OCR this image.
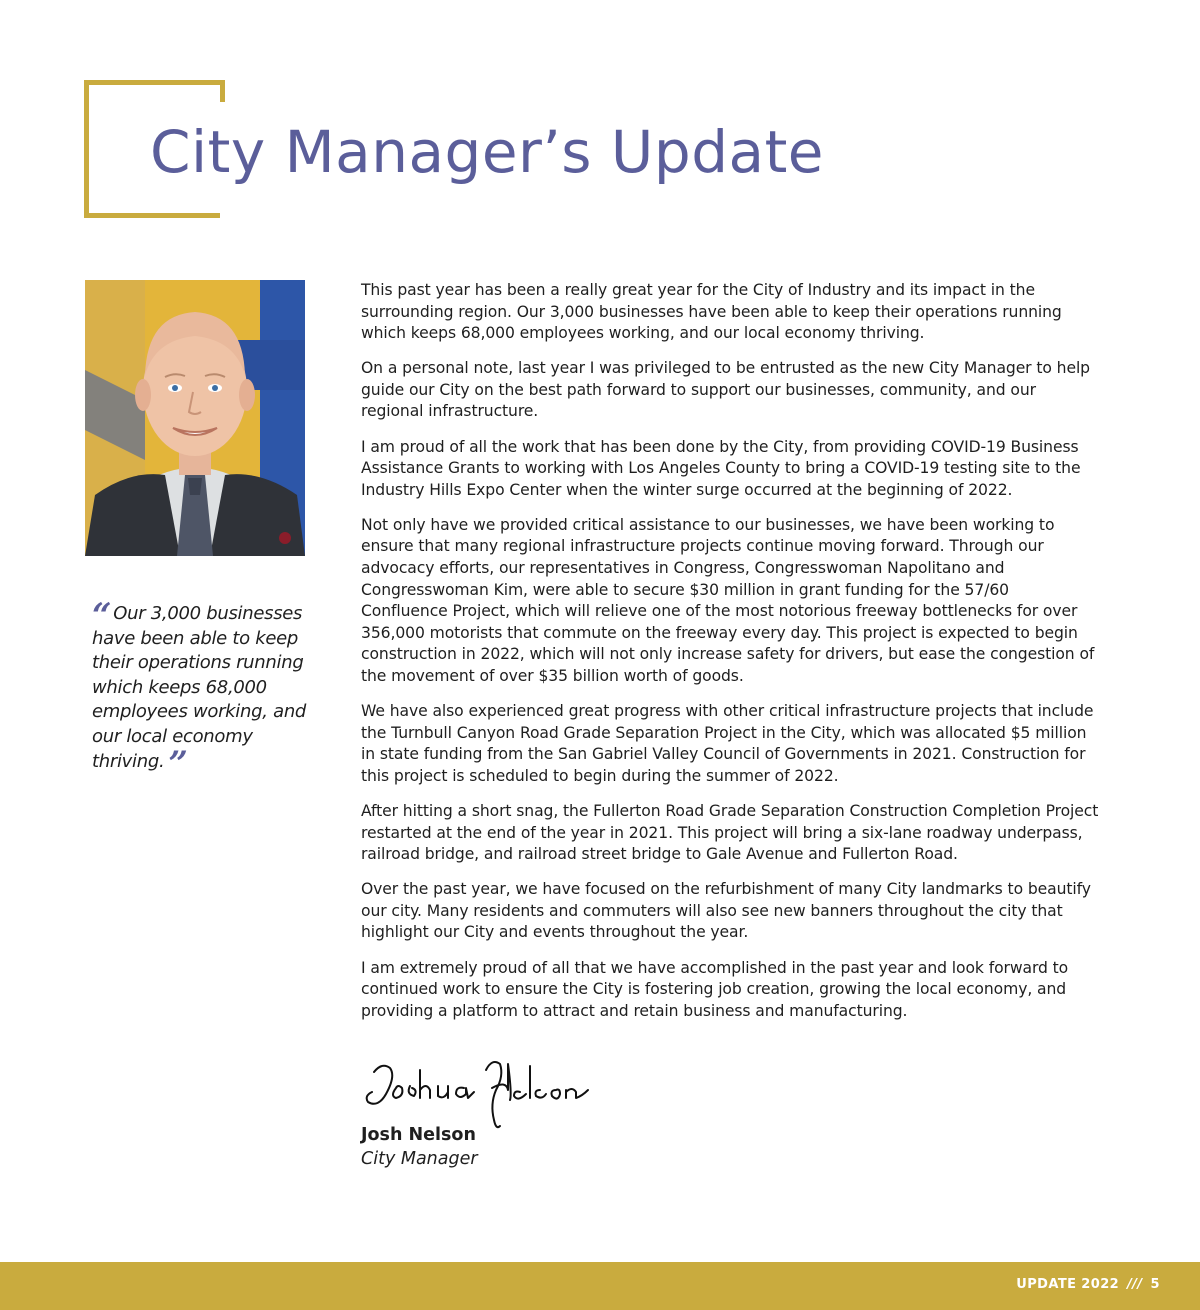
City Manager’s Update

“ Our 3,000 businesses have been able to keep their operations running which keeps 68,000 employees working, and our local economy thriving. ”

This past year has been a really great year for the City of Industry and its impact in the surrounding region. Our 3,000 businesses have been able to keep their operations running which keeps 68,000 employees working, and our local economy thriving.

On a personal note, last year I was privileged to be entrusted as the new City Manager to help guide our City on the best path forward to support our businesses, community, and our regional infrastructure.

I am proud of all the work that has been done by the City, from providing COVID-19 Business Assistance Grants to working with Los Angeles County to bring a COVID-19 testing site to the Industry Hills Expo Center when the winter surge occurred at the beginning of 2022.

Not only have we provided critical assistance to our businesses, we have been working to ensure that many regional infrastructure projects continue moving forward. Through our advocacy efforts, our representatives in Congress, Congresswoman Napolitano and Congresswoman Kim, were able to secure $30 million in grant funding for the 57/60 Confluence Project, which will relieve one of the most notorious freeway bottlenecks for over 356,000 motorists that commute on the freeway every day. This project is expected to begin construction in 2022, which will not only increase safety for drivers, but ease the congestion of the movement of over $35 billion worth of goods.

We have also experienced great progress with other critical infrastructure projects that include the Turnbull Canyon Road Grade Separation Project in the City, which was allocated $5 million in state funding from the San Gabriel Valley Council of Governments in 2021. Construction for this project is scheduled to begin during the summer of 2022.

After hitting a short snag, the Fullerton Road Grade Separation Construction Completion Project restarted at the end of the year in 2021. This project will bring a six-lane roadway underpass, railroad bridge, and railroad street bridge to Gale Avenue and Fullerton Road.

Over the past year, we have focused on the refurbishment of many City landmarks to beautify our city. Many residents and commuters will also see new banners throughout the city that highlight our City and events throughout the year.

I am extremely proud of all that we have accomplished in the past year and look forward to continued work to ensure the City is fostering job creation, growing the local economy, and providing a platform to attract and retain business and manufacturing.

Josh Nelson
City Manager
UPDATE 2022 /// 5
